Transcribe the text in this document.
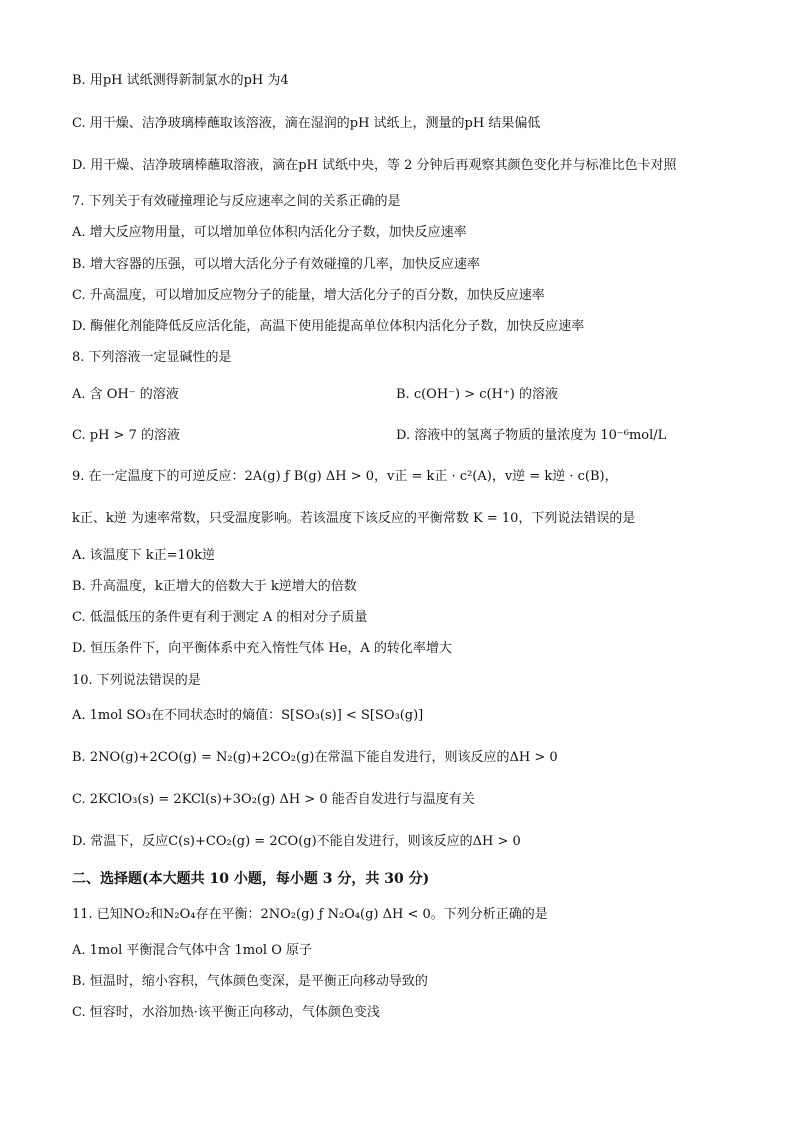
B. 用pH 试纸测得新制氯水的pH 为4
C. 用干燥、洁净玻璃棒蘸取该溶液，滴在湿润的pH 试纸上，测量的pH 结果偏低
D. 用干燥、洁净玻璃棒蘸取溶液，滴在pH 试纸中央，等 2 分钟后再观察其颜色变化并与标准比色卡对照
7. 下列关于有效碰撞理论与反应速率之间的关系正确的是
A. 增大反应物用量，可以增加单位体积内活化分子数，加快反应速率
B. 增大容器的压强，可以增大活化分子有效碰撞的几率，加快反应速率
C. 升高温度，可以增加反应物分子的能量，增大活化分子的百分数，加快反应速率
D. 酶催化剂能降低反应活化能，高温下使用能提高单位体积内活化分子数，加快反应速率
8. 下列溶液一定显碱性的是
A. 含 OH⁻ 的溶液	B. c(OH⁻) > c(H⁺) 的溶液
C. pH > 7 的溶液	D. 溶液中的氢离子物质的量浓度为 10⁻⁶mol/L
9. 在一定温度下的可逆反应：2A(g) ƒ B(g) ΔH > 0，v正 = k正 · c²(A)，v逆 = k逆 · c(B)，
k正、k逆 为速率常数，只受温度影响。若该温度下该反应的平衡常数 K = 10，下列说法错误的是
A. 该温度下 k正=10k逆
B. 升高温度，k正增大的倍数大于 k逆增大的倍数
C. 低温低压的条件更有利于测定 A 的相对分子质量
D. 恒压条件下，向平衡体系中充入惰性气体 He，A 的转化率增大
10. 下列说法错误的是
A. 1mol SO₃在不同状态时的熵值：S[SO₃(s)] < S[SO₃(g)]
B. 2NO(g)+2CO(g) = N₂(g)+2CO₂(g)在常温下能自发进行，则该反应的ΔH > 0
C. 2KClO₃(s) = 2KCl(s)+3O₂(g) ΔH > 0 能否自发进行与温度有关
D. 常温下，反应C(s)+CO₂(g) = 2CO(g)不能自发进行，则该反应的ΔH > 0
二、选择题(本大题共 10 小题，每小题 3 分，共 30 分)
11. 已知NO₂和N₂O₄存在平衡：2NO₂(g) ƒ N₂O₄(g) ΔH < 0。下列分析正确的是
A. 1mol 平衡混合气体中含 1mol O 原子
B. 恒温时，缩小容积，气体颜色变深，是平衡正向移动导致的
C. 恒容时，水浴加热·该平衡正向移动，气体颜色变浅
